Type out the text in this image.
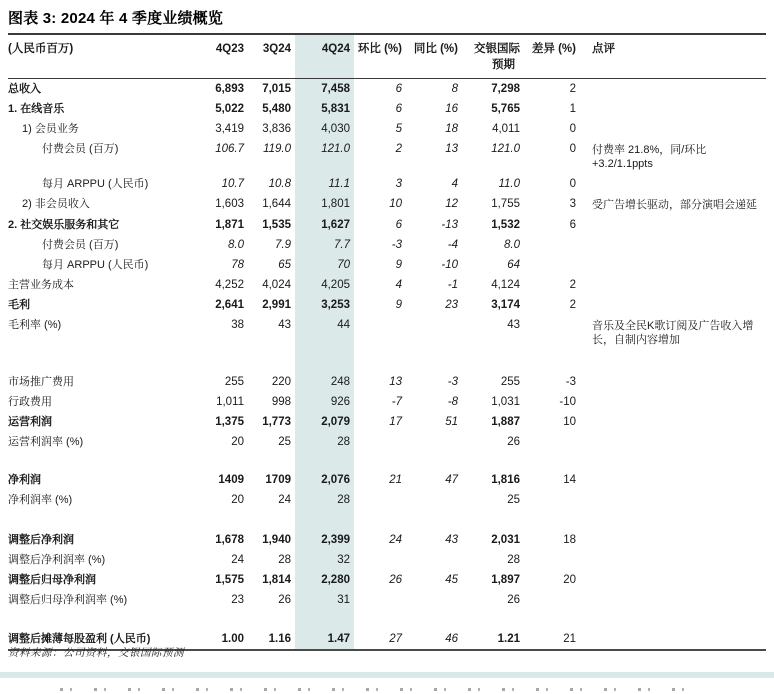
图表 3: 2024 年 4 季度业绩概览
(人民币百万)	4Q23	3Q24	4Q24	环比 (%)	同比 (%)	交银国际
预期	差异 (%)	点评
总收入	6,893	7,015	7,458	6	8	7,298	2	
1. 在线音乐	5,022	5,480	5,831	6	16	5,765	1	
1) 会员业务	3,419	3,836	4,030	5	18	4,011	0	
付费会员 (百万)	106.7	119.0	121.0	2	13	121.0	0	付费率 21.8%，同/环比+3.2/1.1ppts
每月 ARPPU (人民币)	10.7	10.8	11.1	3	4	11.0	0	
2) 非会员收入	1,603	1,644	1,801	10	12	1,755	3	受广告增长驱动，部分演唱会递延
2. 社交娱乐服务和其它	1,871	1,535	1,627	6	-13	1,532	6	
付费会员 (百万)	8.0	7.9	7.7	-3	-4	8.0		
每月 ARPPU (人民币)	78	65	70	9	-10	64		
主营业务成本	4,252	4,024	4,205	4	-1	4,124	2	
毛利	2,641	2,991	3,253	9	23	3,174	2	
毛利率 (%)	38	43	44			43		音乐及全民K歌订阅及广告收入增长，自制内容增加

市场推广费用	255	220	248	13	-3	255	-3	
行政费用	1,011	998	926	-7	-8	1,031	-10	
运营利润	1,375	1,773	2,079	17	51	1,887	10	
运营利润率 (%)	20	25	28			26		

净利润	1409	1709	2,076	21	47	1,816	14	
净利润率 (%)	20	24	28			25		

调整后净利润	1,678	1,940	2,399	24	43	2,031	18	
调整后净利润率 (%)	24	28	32			28		
调整后归母净利润	1,575	1,814	2,280	26	45	1,897	20	
调整后归母净利润率 (%)	23	26	31			26		

调整后摊薄每股盈利 (人民币)	1.00	1.16	1.47	27	46	1.21	21	
资料来源：公司资料，交银国际预测
